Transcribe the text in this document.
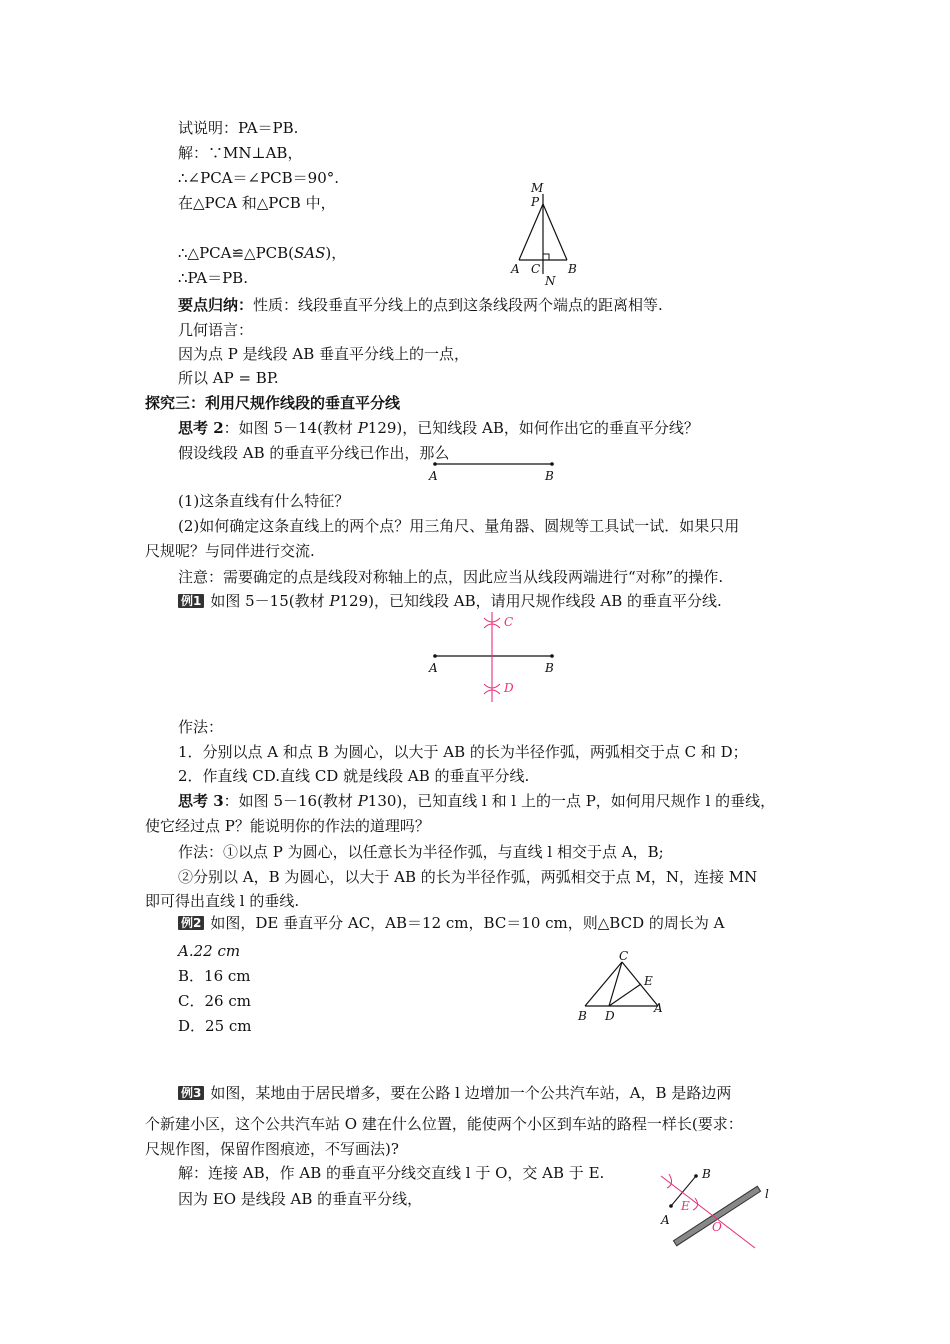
试说明：PA＝PB.
解：∵MN⊥AB，
∴∠PCA＝∠PCB＝90°.
在△PCA 和△PCB 中，
∴△PCA≌△PCB(SAS)，
∴PA＝PB.
要点归纳：性质：线段垂直平分线上的点到这条线段两个端点的距离相等.
几何语言：
因为点 P 是线段 AB 垂直平分线上的一点，
所以 AP = BP.
探究三：利用尺规作线段的垂直平分线
思考 2：如图 5－14(教材 P129)，已知线段 AB，如何作出它的垂直平分线？
假设线段 AB 的垂直平分线已作出，那么
(1)这条直线有什么特征？
(2)如何确定这条直线上的两个点？用三角尺、量角器、圆规等工具试一试．如果只用
尺规呢？与同伴进行交流.
注意：需要确定的点是线段对称轴上的点，因此应当从线段两端进行“对称”的操作.
例1 如图 5－15(教材 P129)，已知线段 AB，请用尺规作线段 AB 的垂直平分线.
作法：
1．分别以点 A 和点 B 为圆心，以大于 AB 的长为半径作弧，两弧相交于点 C 和 D；
2．作直线 CD.直线 CD 就是线段 AB 的垂直平分线.
思考 3：如图 5－16(教材 P130)，已知直线 l 和 l 上的一点 P，如何用尺规作 l 的垂线，
使它经过点 P？能说明你的作法的道理吗？
作法：①以点 P 为圆心，以任意长为半径作弧，与直线 l 相交于点 A，B;
②分别以 A，B 为圆心，以大于 AB 的长为半径作弧，两弧相交于点 M，N，连接 MN
即可得出直线 l 的垂线.
例2 如图，DE 垂直平分 AC，AB＝12 cm，BC＝10 cm，则△BCD 的周长为 A
A.22 cm
B．16 cm
C．26 cm
D．25 cm
例3 如图，某地由于居民增多，要在公路 l 边增加一个公共汽车站，A，B 是路边两
个新建小区，这个公共汽车站 O 建在什么位置，能使两个小区到车站的路程一样长(要求：
尺规作图，保留作图痕迹，不写画法)?
解：连接 AB，作 AB 的垂直平分线交直线 l 于 O，交 AB 于 E.
因为 EO 是线段 AB 的垂直平分线，
M
P
A C B
N
A	B
C
D
A	B
C
E
A
B D
B
A
E
O
l
